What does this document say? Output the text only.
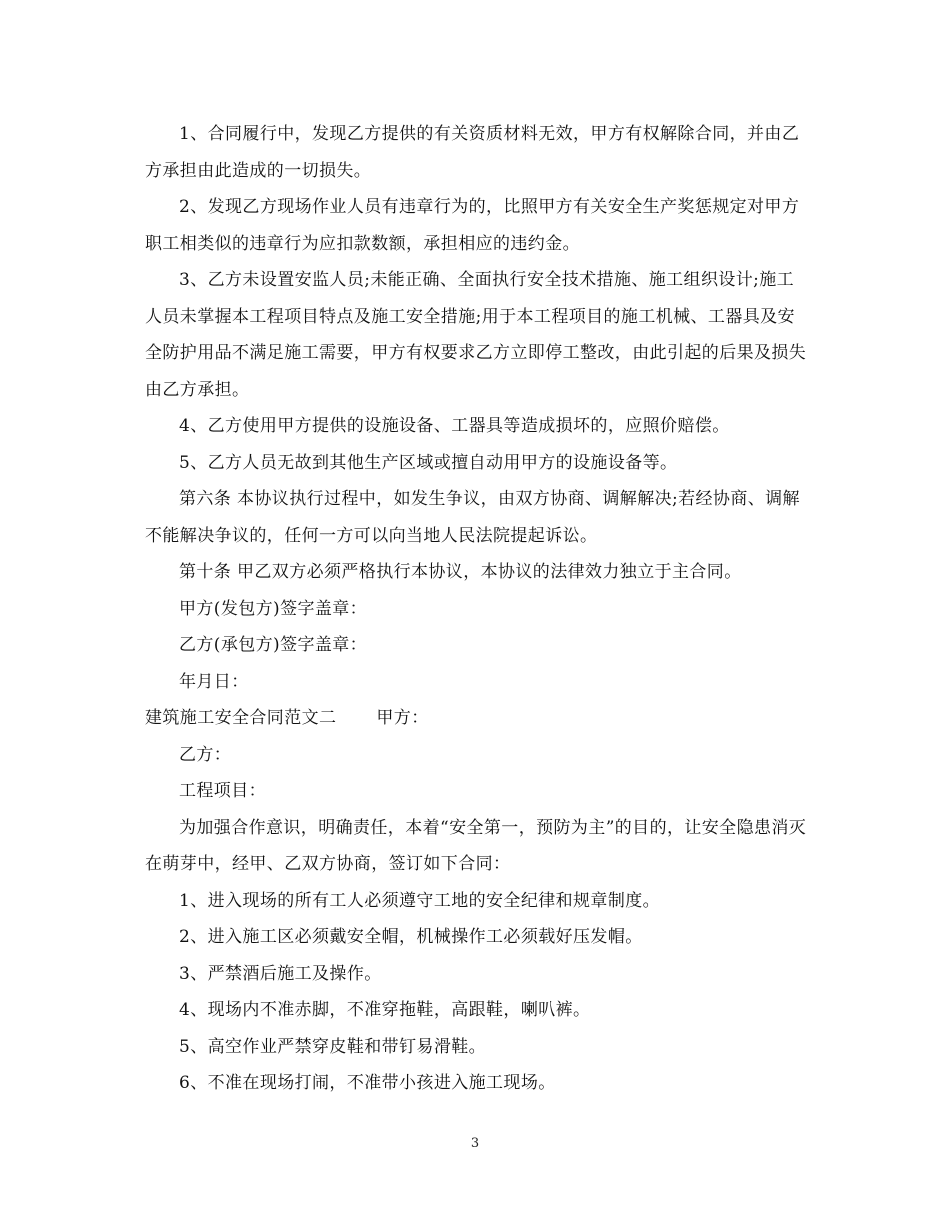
1、合同履行中，发现乙方提供的有关资质材料无效，甲方有权解除合同，并由乙方承担由此造成的一切损失。

2、发现乙方现场作业人员有违章行为的，比照甲方有关安全生产奖惩规定对甲方职工相类似的违章行为应扣款数额，承担相应的违约金。

3、乙方未设置安监人员;未能正确、全面执行安全技术措施、施工组织设计;施工人员未掌握本工程项目特点及施工安全措施;用于本工程项目的施工机械、工器具及安全防护用品不满足施工需要，甲方有权要求乙方立即停工整改，由此引起的后果及损失由乙方承担。

4、乙方使用甲方提供的设施设备、工器具等造成损坏的，应照价赔偿。

5、乙方人员无故到其他生产区域或擅自动用甲方的设施设备等。

第六条 本协议执行过程中，如发生争议，由双方协商、调解解决;若经协商、调解不能解决争议的，任何一方可以向当地人民法院提起诉讼。

第十条 甲乙双方必须严格执行本协议，本协议的法律效力独立于主合同。

甲方(发包方)签字盖章：

乙方(承包方)签字盖章：

年月日：

建筑施工安全合同范文二 甲方：

乙方：

工程项目：

为加强合作意识，明确责任，本着“安全第一，预防为主”的目的，让安全隐患消灭在萌芽中，经甲、乙双方协商，签订如下合同：

1、进入现场的所有工人必须遵守工地的安全纪律和规章制度。

2、进入施工区必须戴安全帽，机械操作工必须载好压发帽。

3、严禁酒后施工及操作。

4、现场内不准赤脚，不准穿拖鞋，高跟鞋，喇叭裤。

5、高空作业严禁穿皮鞋和带钉易滑鞋。

6、不准在现场打闹，不准带小孩进入施工现场。

3
